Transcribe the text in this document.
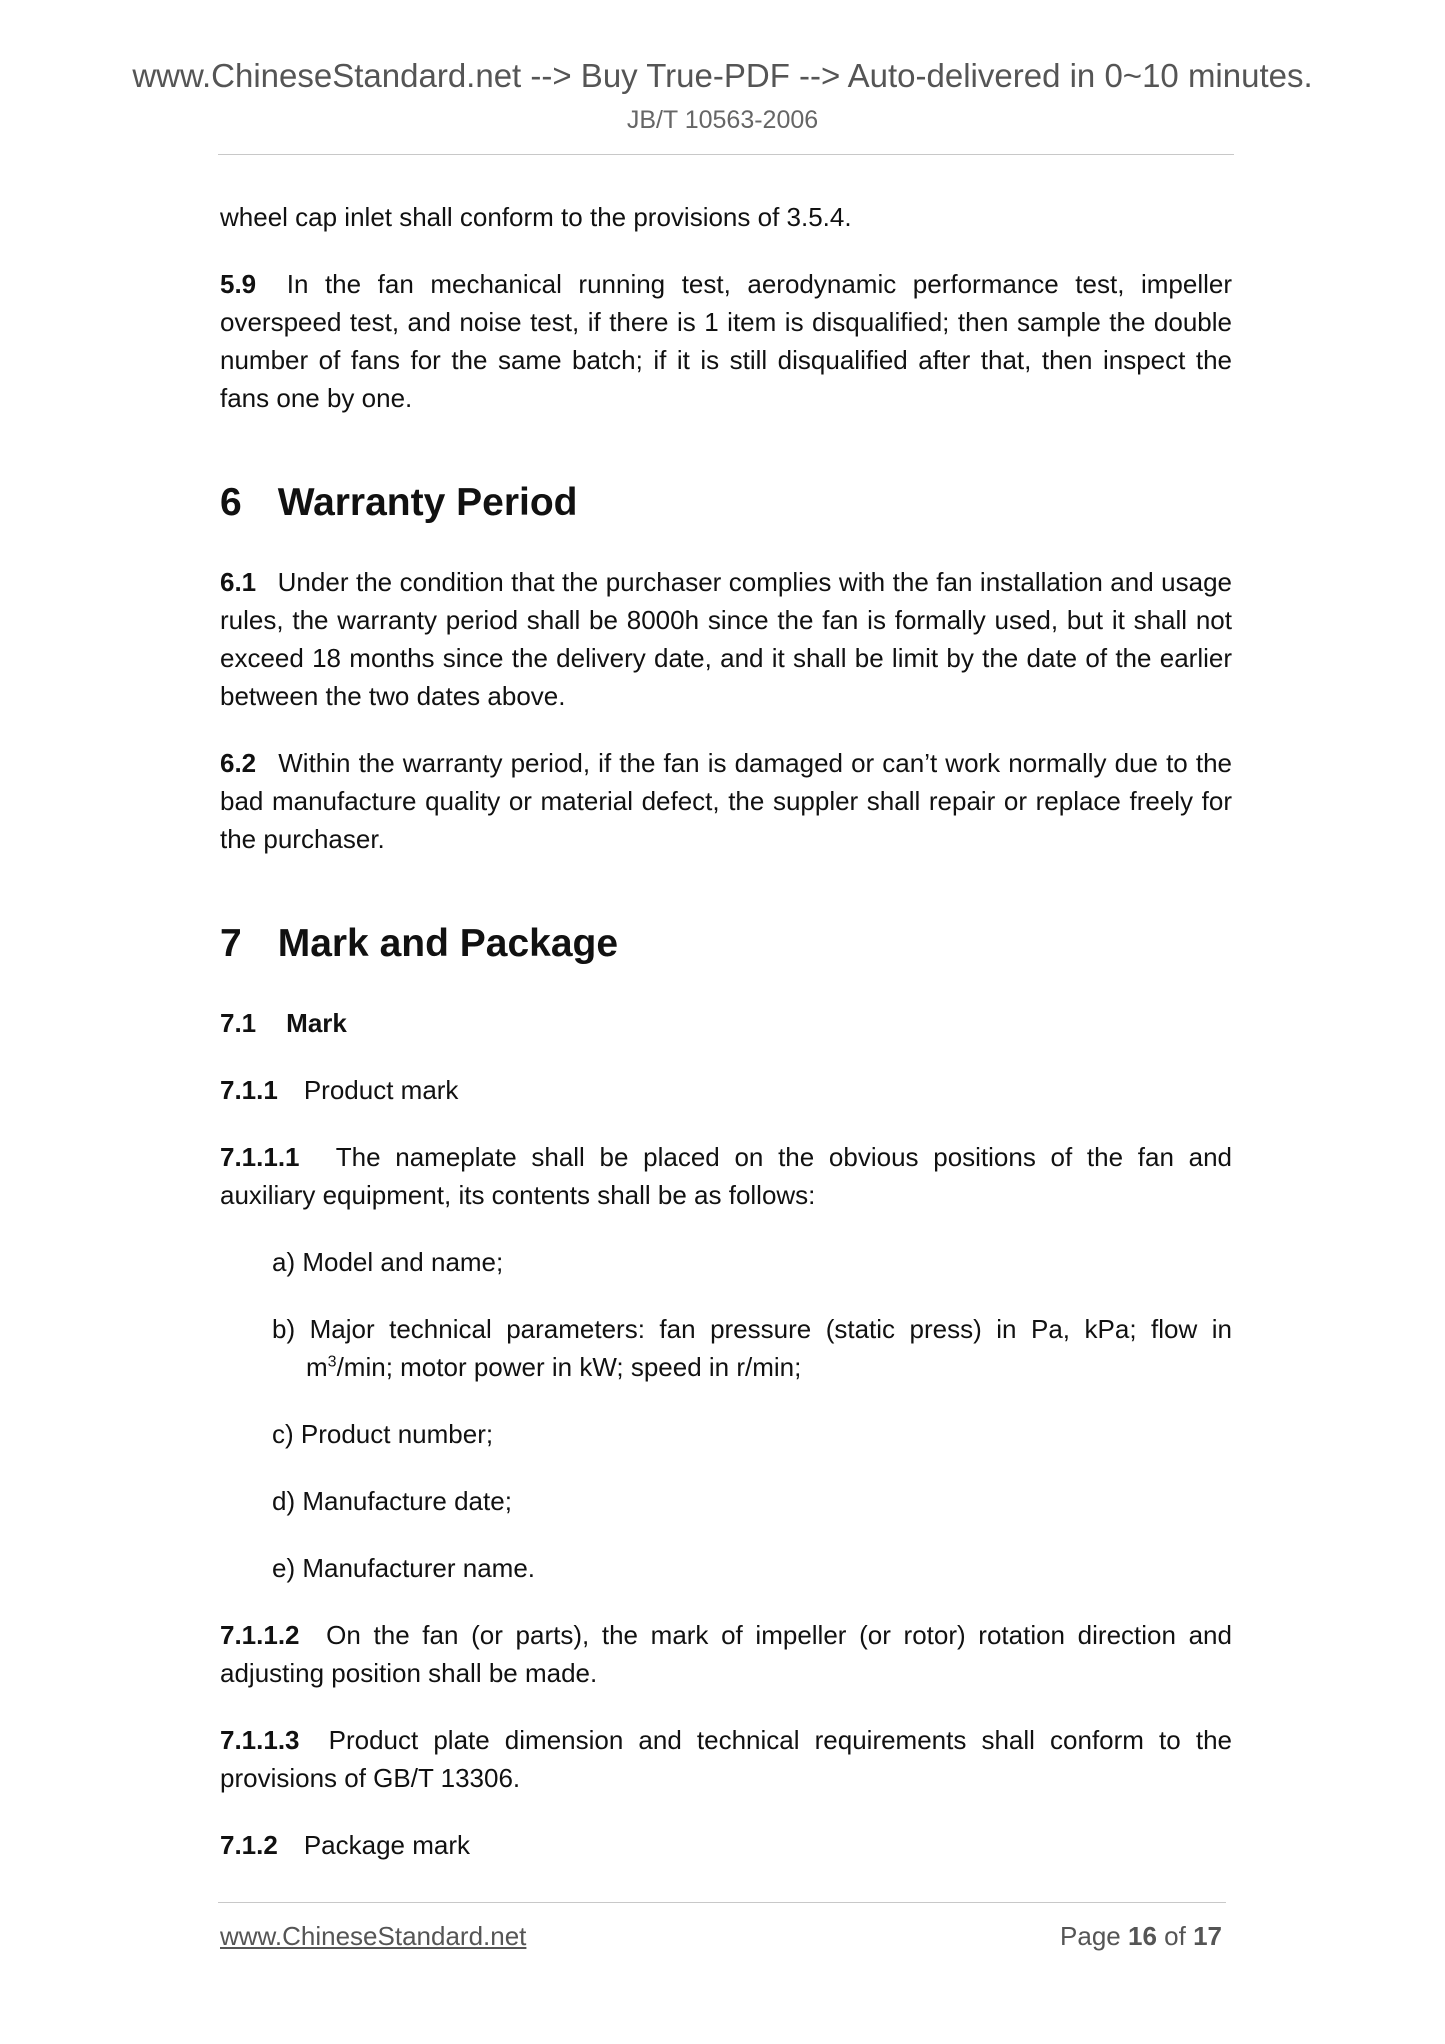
www.ChineseStandard.net --> Buy True-PDF --> Auto-delivered in 0~10 minutes.
JB/T 10563-2006

wheel cap inlet shall conform to the provisions of 3.5.4.

5.9 In the fan mechanical running test, aerodynamic performance test, impeller overspeed test, and noise test, if there is 1 item is disqualified; then sample the double number of fans for the same batch; if it is still disqualified after that, then inspect the fans one by one.

6 Warranty Period

6.1 Under the condition that the purchaser complies with the fan installation and usage rules, the warranty period shall be 8000h since the fan is formally used, but it shall not exceed 18 months since the delivery date, and it shall be limit by the date of the earlier between the two dates above.

6.2 Within the warranty period, if the fan is damaged or can’t work normally due to the bad manufacture quality or material defect, the suppler shall repair or replace freely for the purchaser.

7 Mark and Package
7.1 Mark

7.1.1 Product mark

7.1.1.1 The nameplate shall be placed on the obvious positions of the fan and auxiliary equipment, its contents shall be as follows:

a) Model and name;

b) Major technical parameters: fan pressure (static press) in Pa, kPa; flow in $m^3/\min$; motor power in kW; speed in r/min;

c) Product number;

d) Manufacture date;

e) Manufacturer name.

7.1.1.2 On the fan (or parts), the mark of impeller (or rotor) rotation direction and adjusting position shall be made.

7.1.1.3 Product plate dimension and technical requirements shall conform to the provisions of GB/T 13306.

7.1.2 Package mark

www.ChineseStandard.net	Page 16 of 17
